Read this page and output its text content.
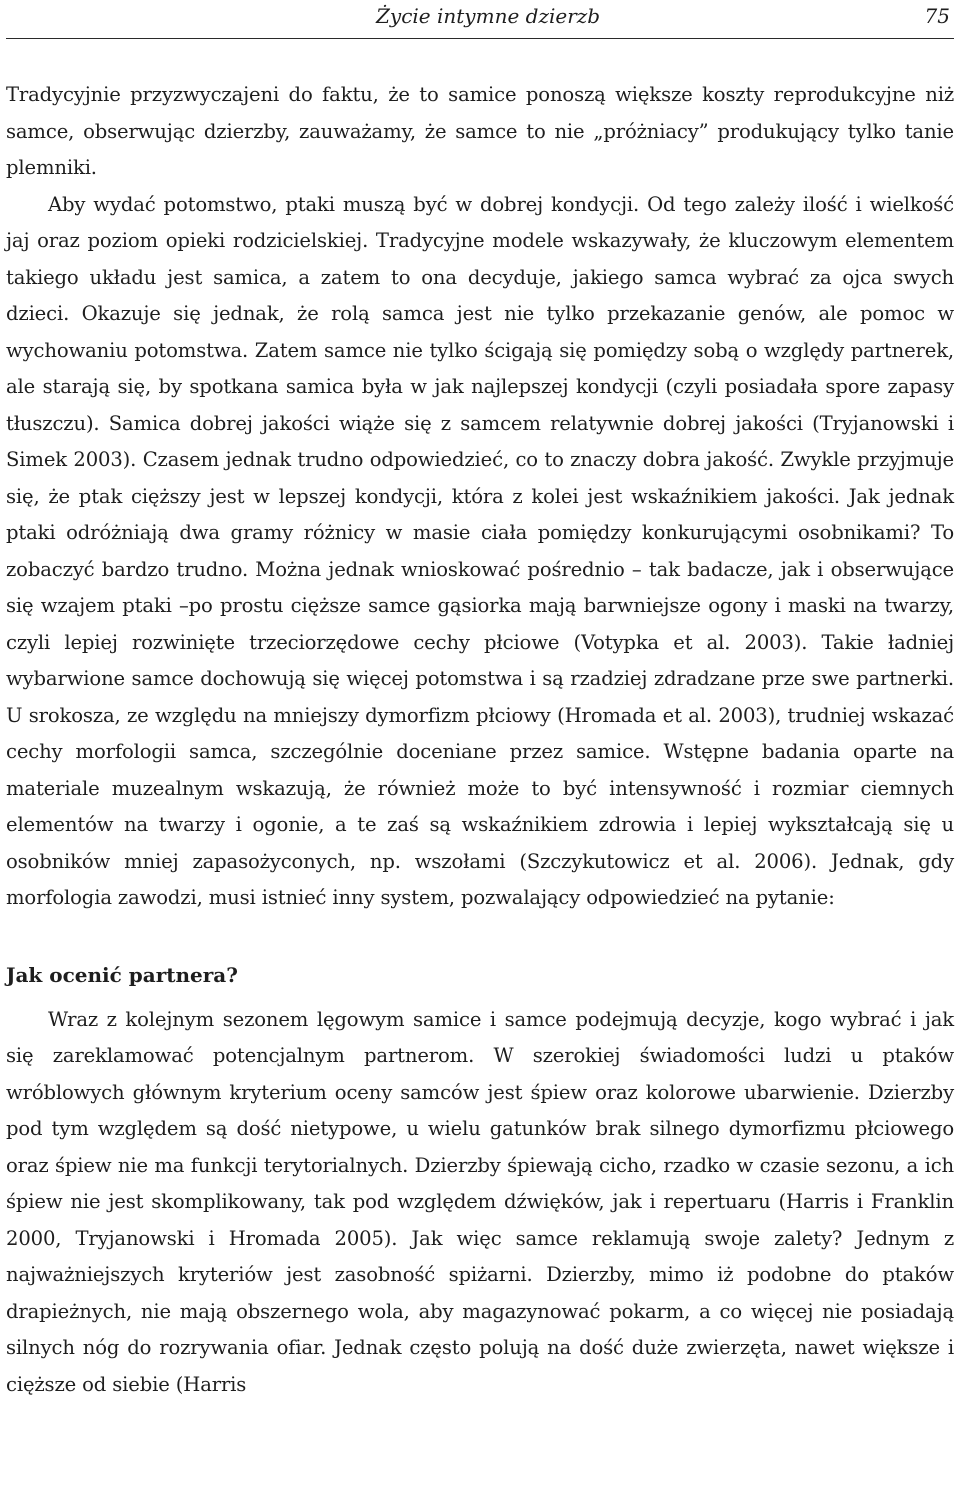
Życie intymne dzierzb	75

Tradycyjnie przyzwyczajeni do faktu, że to samice ponoszą większe koszty reprodukcyjne niż samce, obserwując dzierzby, zauważamy, że samce to nie „próżniacy” produkujący tylko tanie plemniki.

Aby wydać potomstwo, ptaki muszą być w dobrej kondycji. Od tego zależy ilość i wielkość jaj oraz poziom opieki rodzicielskiej. Tradycyjne modele wskazywały, że kluczowym elementem takiego układu jest samica, a zatem to ona decyduje, jakiego samca wybrać za ojca swych dzieci. Okazuje się jednak, że rolą samca jest nie tylko przekazanie genów, ale pomoc w wychowaniu potomstwa. Zatem samce nie tylko ścigają się pomiędzy sobą o względy partnerek, ale starają się, by spotkana samica była w jak najlepszej kondycji (czyli posiadała spore zapasy tłuszczu). Samica dobrej jakości wiąże się z samcem relatywnie dobrej jakości (Tryjanowski i Simek 2003). Czasem jednak trudno odpowiedzieć, co to znaczy dobra jakość. Zwykle przyjmuje się, że ptak cięższy jest w lepszej kondycji, która z kolei jest wskaźnikiem jakości. Jak jednak ptaki odróżniają dwa gramy różnicy w masie ciała pomiędzy konkurującymi osobnikami? To zobaczyć bardzo trudno. Można jednak wnioskować pośrednio – tak badacze, jak i obserwujące się wzajem ptaki –po prostu cięższe samce gąsiorka mają barwniejsze ogony i maski na twarzy, czyli lepiej rozwinięte trzeciorzędowe cechy płciowe (Votypka et al. 2003). Takie ładniej wybarwione samce dochowują się więcej potomstwa i są rzadziej zdradzane prze swe partnerki. U srokosza, ze względu na mniejszy dymorfizm płciowy (Hromada et al. 2003), trudniej wskazać cechy morfologii samca, szczególnie doceniane przez samice. Wstępne badania oparte na materiale muzealnym wskazują, że również może to być intensywność i rozmiar ciemnych elementów na twarzy i ogonie, a te zaś są wskaźnikiem zdrowia i lepiej wykształcają się u osobników mniej zapasożyconych, np. wszołami (Szczykutowicz et al. 2006). Jednak, gdy morfologia zawodzi, musi istnieć inny system, pozwalający odpowiedzieć na pytanie:

Jak ocenić partnera?

Wraz z kolejnym sezonem lęgowym samice i samce podejmują decyzje, kogo wybrać i jak się zareklamować potencjalnym partnerom. W szerokiej świadomości ludzi u ptaków wróblowych głównym kryterium oceny samców jest śpiew oraz kolorowe ubarwienie. Dzierzby pod tym względem są dość nietypowe, u wielu gatunków brak silnego dymorfizmu płciowego oraz śpiew nie ma funkcji terytorialnych. Dzierzby śpiewają cicho, rzadko w czasie sezonu, a ich śpiew nie jest skomplikowany, tak pod względem dźwięków, jak i repertuaru (Harris i Franklin 2000, Tryjanowski i Hromada 2005). Jak więc samce reklamują swoje zalety? Jednym z najważniejszych kryteriów jest zasobność spiżarni. Dzierzby, mimo iż podobne do ptaków drapieżnych, nie mają obszernego wola, aby magazynować pokarm, a co więcej nie posiadają silnych nóg do rozrywania ofiar. Jednak często polują na dość duże zwierzęta, nawet większe i cięższe od siebie (Harris
